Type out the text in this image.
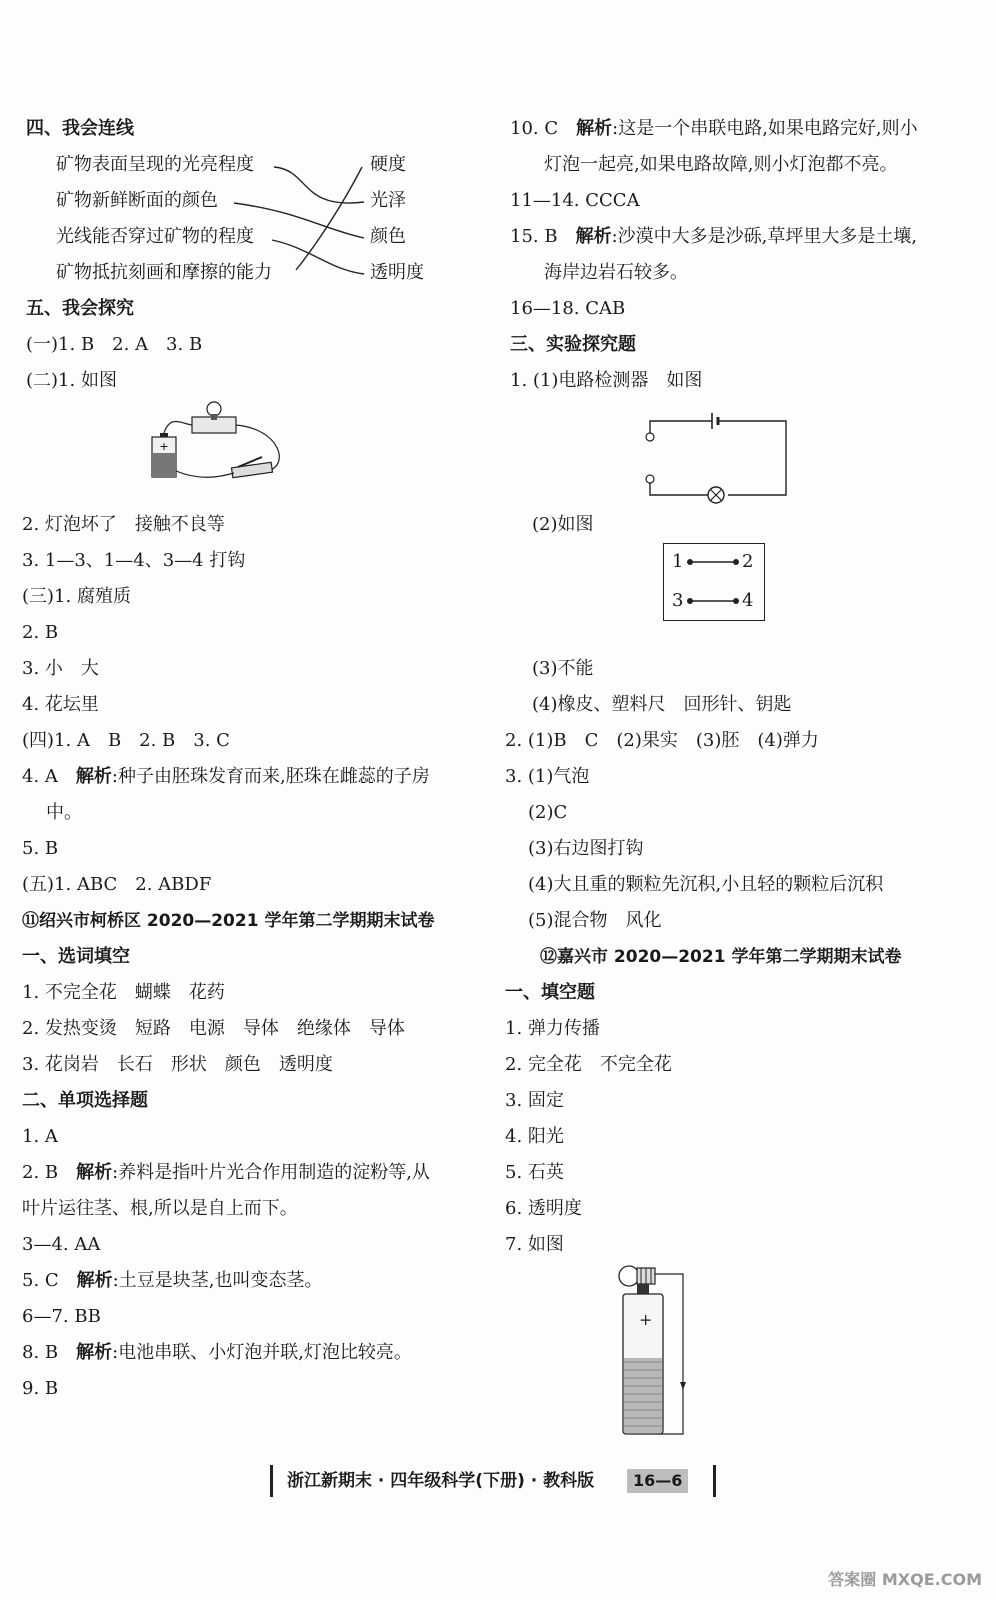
四、我会连线
矿物表面呈现的光亮程度
矿物新鲜断面的颜色
光线能否穿过矿物的程度
矿物抵抗刻画和摩擦的能力
硬度
光泽
颜色
透明度
五、我会探究
(一)1. B　2. A　3. B
(二)1. 如图
+
2. 灯泡坏了　接触不良等
3. 1—3、1—4、3—4 打钩
(三)1. 腐殖质
2. B
3. 小　大
4. 花坛里
(四)1. A　B　2. B　3. C
4. A　解析:种子由胚珠发育而来,胚珠在雌蕊的子房
中。
5. B
(五)1. ABC　2. ABDF
⑪绍兴市柯桥区 2020—2021 学年第二学期期末试卷
一、选词填空
1. 不完全花　蝴蝶　花药
2. 发热变烫　短路　电源　导体　绝缘体　导体
3. 花岗岩　长石　形状　颜色　透明度
二、单项选择题
1. A
2. B　解析:养料是指叶片光合作用制造的淀粉等,从
叶片运往茎、根,所以是自上而下。
3—4. AA
5. C　解析:土豆是块茎,也叫变态茎。
6—7. BB
8. B　解析:电池串联、小灯泡并联,灯泡比较亮。
9. B
10. C　解析:这是一个串联电路,如果电路完好,则小
灯泡一起亮,如果电路故障,则小灯泡都不亮。
11—14. CCCA
15. B　解析:沙漠中大多是沙砾,草坪里大多是土壤,
海岸边岩石较多。
16—18. CAB
三、实验探究题
1. (1)电路检测器　如图
(2)如图
1	2
3	4
(3)不能
(4)橡皮、塑料尺　回形针、钥匙
2. (1)B　C　(2)果实　(3)胚　(4)弹力
3. (1)气泡
(2)C
(3)右边图打钩
(4)大且重的颗粒先沉积,小且轻的颗粒后沉积
(5)混合物　风化
⑫嘉兴市 2020—2021 学年第二学期期末试卷
一、填空题
1. 弹力传播
2. 完全花　不完全花
3. 固定
4. 阳光
5. 石英
6. 透明度
7. 如图
+
浙江新期末 · 四年级科学(下册) · 教科版	16—6
答案圈 MXQE.COM
